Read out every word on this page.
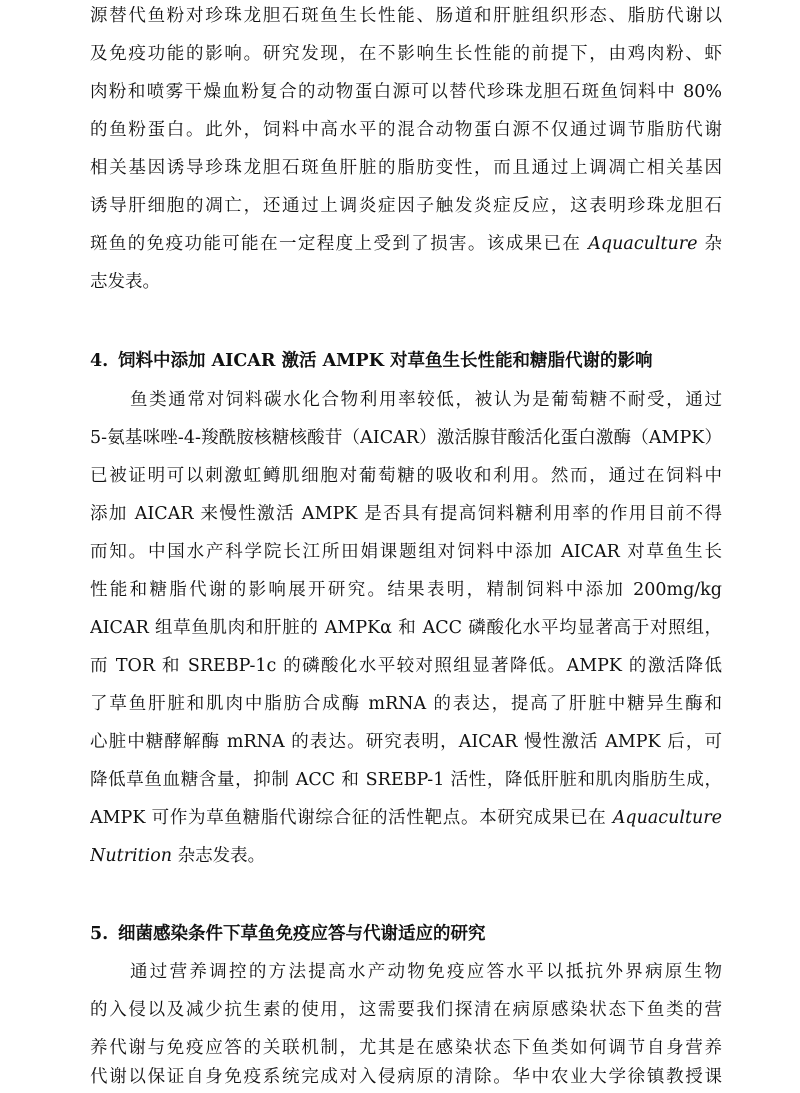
源替代鱼粉对珍珠龙胆石斑鱼生长性能、肠道和肝脏组织形态、脂肪代谢以
及免疫功能的影响。研究发现，在不影响生长性能的前提下，由鸡肉粉、虾
肉粉和喷雾干燥血粉复合的动物蛋白源可以替代珍珠龙胆石斑鱼饲料中 80%
的鱼粉蛋白。此外，饲料中高水平的混合动物蛋白源不仅通过调节脂肪代谢
相关基因诱导珍珠龙胆石斑鱼肝脏的脂肪变性，而且通过上调凋亡相关基因
诱导肝细胞的凋亡，还通过上调炎症因子触发炎症反应，这表明珍珠龙胆石
斑鱼的免疫功能可能在一定程度上受到了损害。该成果已在 Aquaculture 杂
志发表。
4. 饲料中添加 AICAR 激活 AMPK 对草鱼生长性能和糖脂代谢的影响
鱼类通常对饲料碳水化合物利用率较低，被认为是葡萄糖不耐受，通过
5-氨基咪唑-4-羧酰胺核糖核酸苷（AICAR）激活腺苷酸活化蛋白激酶（AMPK）
已被证明可以刺激虹鳟肌细胞对葡萄糖的吸收和利用。然而，通过在饲料中
添加 AICAR 来慢性激活 AMPK 是否具有提高饲料糖利用率的作用目前不得
而知。中国水产科学院长江所田娟课题组对饲料中添加 AICAR 对草鱼生长
性能和糖脂代谢的影响展开研究。结果表明，精制饲料中添加 200mg/kg
AICAR 组草鱼肌肉和肝脏的 AMPKα 和 ACC 磷酸化水平均显著高于对照组，
而 TOR 和 SREBP-1c 的磷酸化水平较对照组显著降低。AMPK 的激活降低
了草鱼肝脏和肌肉中脂肪合成酶 mRNA 的表达，提高了肝脏中糖异生酶和
心脏中糖酵解酶 mRNA 的表达。研究表明，AICAR 慢性激活 AMPK 后，可
降低草鱼血糖含量，抑制 ACC 和 SREBP-1 活性，降低肝脏和肌肉脂肪生成，
AMPK 可作为草鱼糖脂代谢综合征的活性靶点。本研究成果已在 Aquaculture
Nutrition 杂志发表。
5. 细菌感染条件下草鱼免疫应答与代谢适应的研究
通过营养调控的方法提高水产动物免疫应答水平以抵抗外界病原生物
的入侵以及减少抗生素的使用，这需要我们探清在病原感染状态下鱼类的营
养代谢与免疫应答的关联机制，尤其是在感染状态下鱼类如何调节自身营养
代谢以保证自身免疫系统完成对入侵病原的清除。华中农业大学徐镇教授课
